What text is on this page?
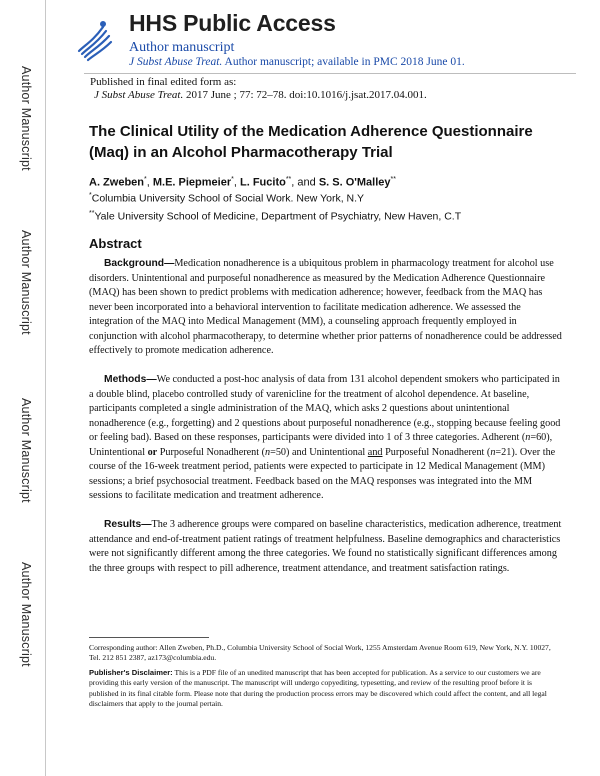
Author Manuscript
Author Manuscript
Author Manuscript
Author Manuscript
HHS Public Access
Author manuscript
J Subst Abuse Treat. Author manuscript; available in PMC 2018 June 01.
Published in final edited form as:
J Subst Abuse Treat. 2017 June ; 77: 72–78. doi:10.1016/j.jsat.2017.04.001.
The Clinical Utility of the Medication Adherence Questionnaire (Maq) in an Alcohol Pharmacotherapy Trial
A. Zweben*, M.E. Piepmeier*, L. Fucito**, and S. S. O'Malley**
*Columbia University School of Social Work. New York, N.Y
**Yale University School of Medicine, Department of Psychiatry, New Haven, C.T
Abstract
Background—Medication nonadherence is a ubiquitous problem in pharmacology treatment for alcohol use disorders. Unintentional and purposeful nonadherence as measured by the Medication Adherence Questionnaire (MAQ) has been shown to predict problems with medication adherence; however, feedback from the MAQ has never been incorporated into a behavioral intervention to facilitate medication adherence. We assessed the integration of the MAQ into Medical Management (MM), a counseling approach frequently employed in conjunction with alcohol pharmacotherapy, to determine whether prior patterns of nonadherence could be addressed effectively to promote medication adherence.
Methods—We conducted a post-hoc analysis of data from 131 alcohol dependent smokers who participated in a double blind, placebo controlled study of varenicline for the treatment of alcohol dependence. At baseline, participants completed a single administration of the MAQ, which asks 2 questions about unintentional nonadherence (e.g., forgetting) and 2 questions about purposeful nonadherence (e.g., stopping because feeling good or feeling bad). Based on these responses, participants were divided into 1 of 3 three categories. Adherent (n=60), Unintentional or Purposeful Nonadherent (n=50) and Unintentional and Purposeful Nonadherent (n=21). Over the course of the 16-week treatment period, patients were expected to participate in 12 Medical Management (MM) sessions; a brief psychosocial treatment. Feedback based on the MAQ responses was integrated into the MM sessions to facilitate medication and treatment adherence.
Results—The 3 adherence groups were compared on baseline characteristics, medication adherence, treatment attendance and end-of-treatment patient ratings of treatment helpfulness. Baseline demographics and characteristics were not significantly different among the three categories. We found no statistically significant differences among the three groups with respect to pill adherence, treatment attendance, and treatment satisfaction ratings.
Corresponding author: Allen Zweben, Ph.D., Columbia University School of Social Work, 1255 Amsterdam Avenue Room 619, New York, N.Y. 10027, Tel. 212 851 2387, az173@columbia.edu.
Publisher's Disclaimer: This is a PDF file of an unedited manuscript that has been accepted for publication. As a service to our customers we are providing this early version of the manuscript. The manuscript will undergo copyediting, typesetting, and review of the resulting proof before it is published in its final citable form. Please note that during the production process errors may be discovered which could affect the content, and all legal disclaimers that apply to the journal pertain.
